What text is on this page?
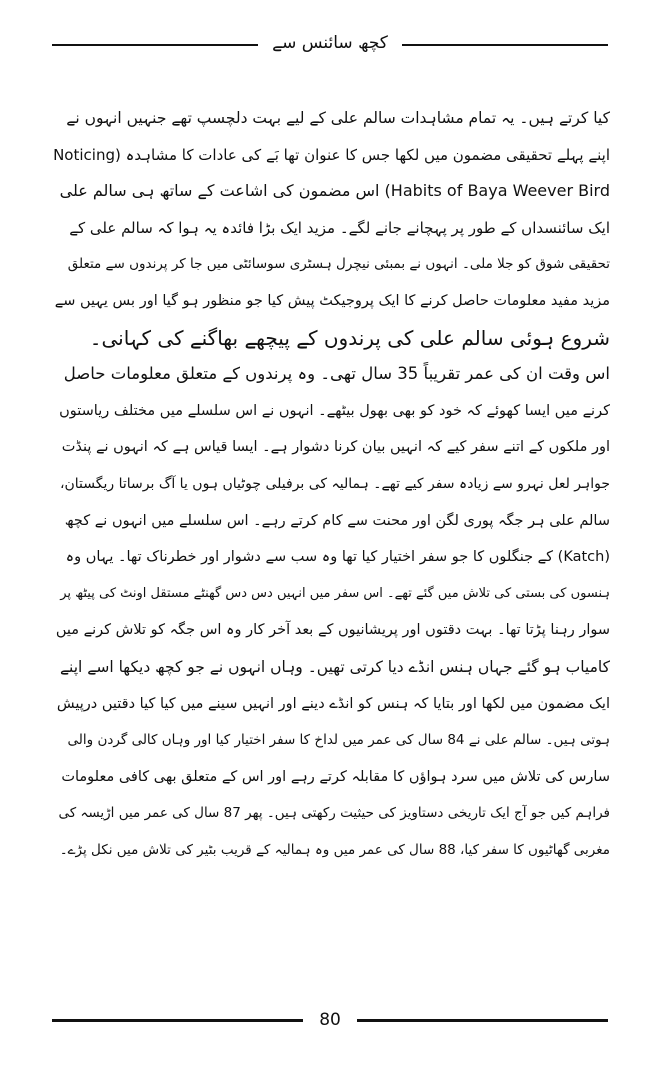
کچھ سائنس سے
کیا کرتے ہیں۔ یہ تمام مشاہدات سالم علی کے لیے بہت دلچسپ تھے جنہیں انہوں نے
اپنے پہلے تحقیقی مضمون میں لکھا جس کا عنوان تھا بَے کی عادات کا مشاہدہ (Noticing
Habits of Baya Weever Bird) اس مضمون کی اشاعت کے ساتھ ہی سالم علی
ایک سائنسداں کے طور پر پہچانے جانے لگے۔ مزید ایک بڑا فائدہ یہ ہوا کہ سالم علی کے
تحقیقی شوق کو جلا ملی۔ انہوں نے بمبئی نیچرل ہسٹری سوسائٹی میں جا کر پرندوں سے متعلق
مزید مفید معلومات حاصل کرنے کا ایک پروجیکٹ پیش کیا جو منظور ہو گیا اور بس یہیں سے
شروع ہوئی سالم علی کی پرندوں کے پیچھے بھاگنے کی کہانی۔
اس وقت ان کی عمر تقریباً 35 سال تھی۔ وہ پرندوں کے متعلق معلومات حاصل
کرنے میں ایسا کھوئے کہ خود کو بھی بھول بیٹھے۔ انہوں نے اس سلسلے میں مختلف ریاستوں
اور ملکوں کے اتنے سفر کیے کہ انہیں بیان کرنا دشوار ہے۔ ایسا قیاس ہے کہ انہوں نے پنڈت
جواہر لعل نہرو سے زیادہ سفر کیے تھے۔ ہمالیہ کی برفیلی چوٹیاں ہوں یا آگ برساتا ریگستان،
سالم علی ہر جگہ پوری لگن اور محنت سے کام کرتے رہے۔ اس سلسلے میں انہوں نے کچھ
(Katch) کے جنگلوں کا جو سفر اختیار کیا تھا وہ سب سے دشوار اور خطرناک تھا۔ یہاں وہ
ہنسوں کی بستی کی تلاش میں گئے تھے۔ اس سفر میں انہیں دس دس گھنٹے مستقل اونٹ کی پیٹھ پر
سوار رہنا پڑتا تھا۔ بہت دقتوں اور پریشانیوں کے بعد آخر کار وہ اس جگہ کو تلاش کرنے میں
کامیاب ہو گئے جہاں ہنس انڈے دیا کرتی تھیں۔ وہاں انہوں نے جو کچھ دیکھا اسے اپنے
ایک مضمون میں لکھا اور بتایا کہ ہنس کو انڈے دینے اور انہیں سینے میں کیا کیا دقتیں درپیش
ہوتی ہیں۔ سالم علی نے 84 سال کی عمر میں لداخ کا سفر اختیار کیا اور وہاں کالی گردن والی
سارس کی تلاش میں سرد ہواؤں کا مقابلہ کرتے رہے اور اس کے متعلق بھی کافی معلومات
فراہم کیں جو آج ایک تاریخی دستاویز کی حیثیت رکھتی ہیں۔ پھر 87 سال کی عمر میں اڑیسہ کی
مغربی گھاٹیوں کا سفر کیا، 88 سال کی عمر میں وہ ہمالیہ کے قریب بٹیر کی تلاش میں نکل پڑے۔
80
